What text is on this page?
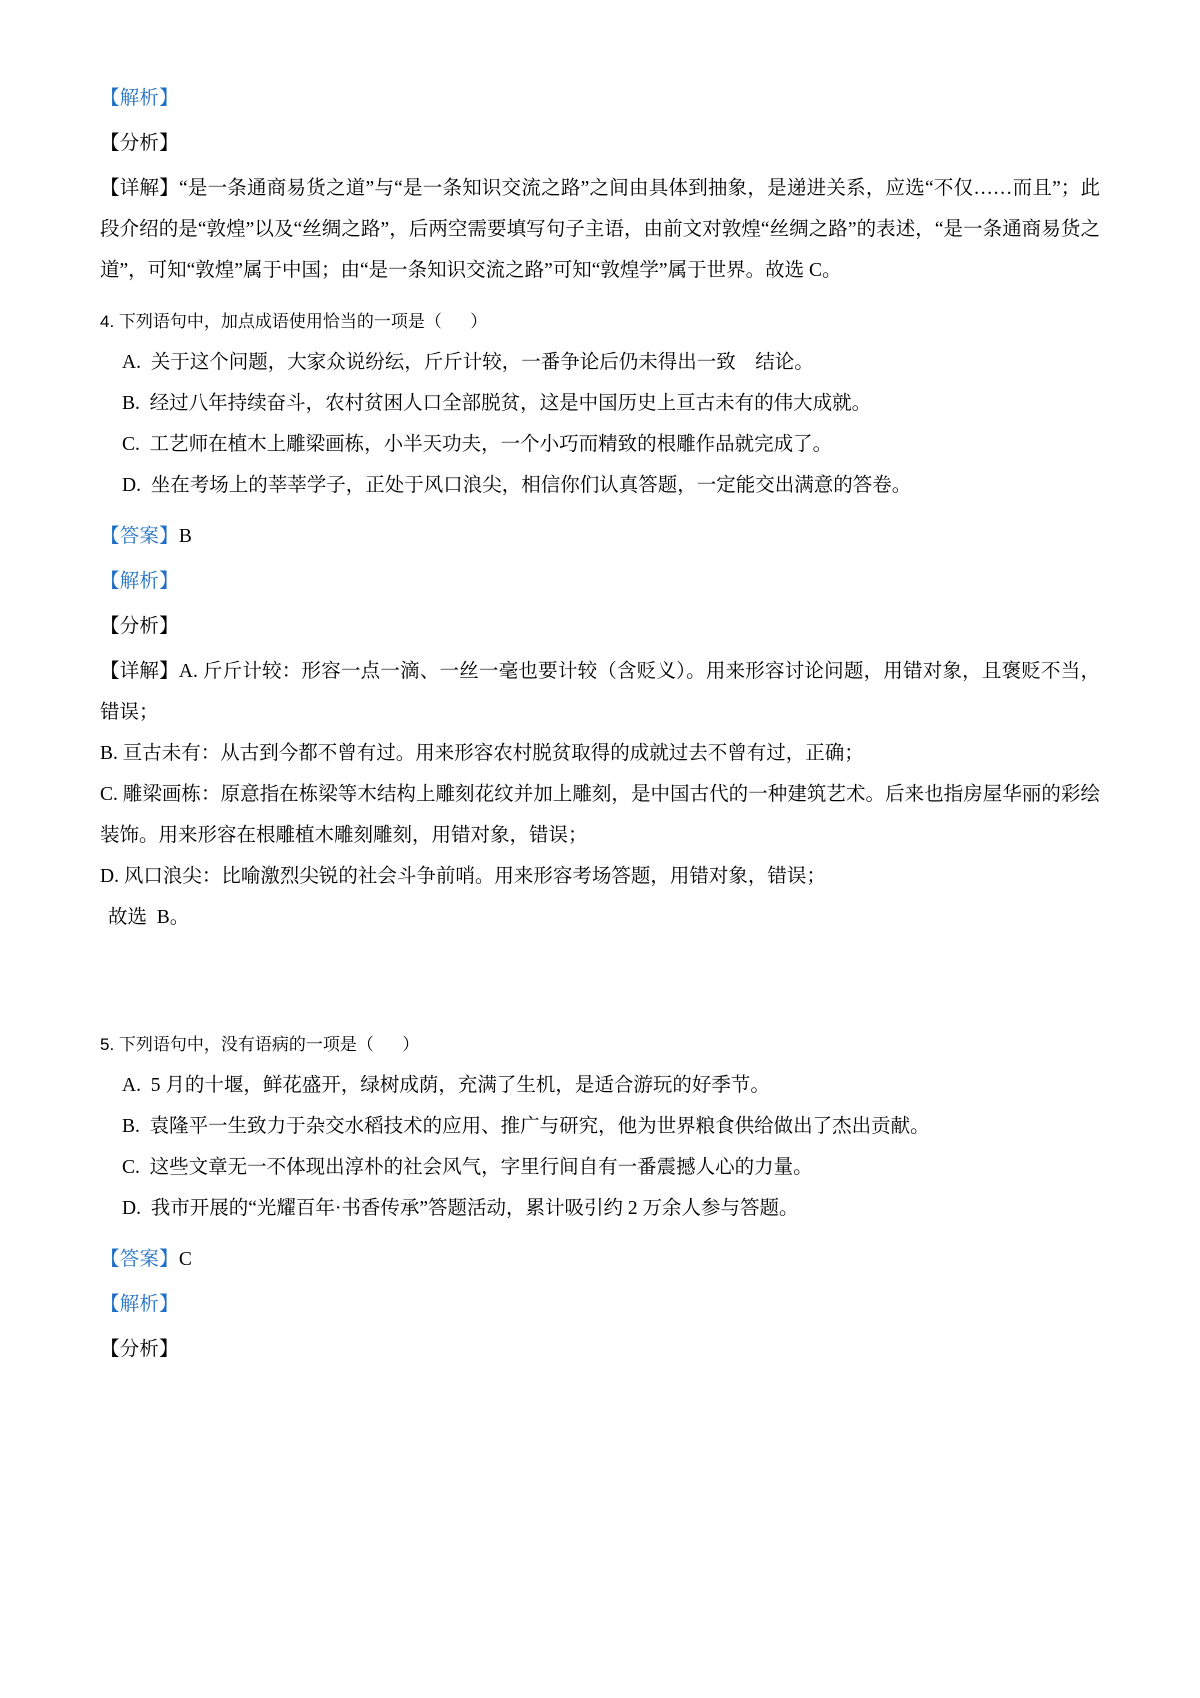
【解析】
【分析】
【详解】“是一条通商易货之道”与“是一条知识交流之路”之间由具体到抽象，是递进关系，应选“不仅……而且”；此段介绍的是“敦煌”以及“丝绸之路”，后两空需要填写句子主语，由前文对敦煌“丝绸之路”的表述，“是一条通商易货之道”，可知“敦煌”属于中国；由“是一条知识交流之路”可知“敦煌学”属于世界。故选 C。
4. 下列语句中，加点成语使用恰当的一项是（      ）
A.  关于这个问题，大家众说纷纭，斤斤计较，一番争论后仍未得出一致    结论。
B.  经过八年持续奋斗，农村贫困人口全部脱贫，这是中国历史上亘古未有的伟大成就。
C.  工艺师在植木上雕梁画栋，小半天功夫，一个小巧而精致的根雕作品就完成了。
D.  坐在考场上的莘莘学子，正处于风口浪尖，相信你们认真答题，一定能交出满意的答卷。
【答案】B
【解析】
【分析】
【详解】A. 斤斤计较：形容一点一滴、一丝一毫也要计较（含贬义）。用来形容讨论问题，用错对象，且褒贬不当，错误；
B. 亘古未有：从古到今都不曾有过。用来形容农村脱贫取得的成就过去不曾有过，正确；
C. 雕梁画栋：原意指在栋梁等木结构上雕刻花纹并加上雕刻，是中国古代的一种建筑艺术。后来也指房屋华丽的彩绘装饰。用来形容在根雕植木雕刻雕刻，用错对象，错误；
D. 风口浪尖：比喻激烈尖锐的社会斗争前哨。用来形容考场答题，用错对象，错误；
故选  B。
5. 下列语句中，没有语病的一项是（      ）
A.  5 月的十堰，鲜花盛开，绿树成荫，充满了生机，是适合游玩的好季节。
B.  袁隆平一生致力于杂交水稻技术的应用、推广与研究，他为世界粮食供给做出了杰出贡献。
C.  这些文章无一不体现出淳朴的社会风气，字里行间自有一番震撼人心的力量。
D.  我市开展的“光耀百年·书香传承”答题活动，累计吸引约 2 万余人参与答题。
【答案】C
【解析】
【分析】
